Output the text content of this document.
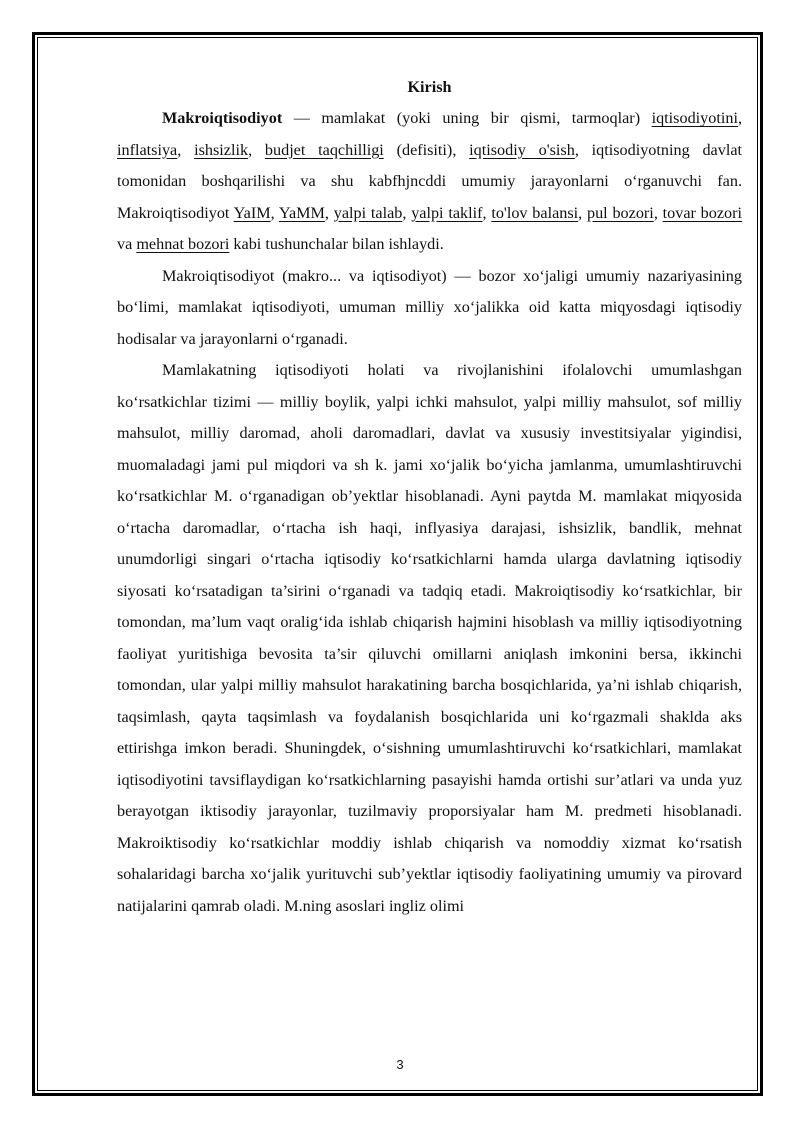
Kirish

Makroiqtisodiyot — mamlakat (yoki uning bir qismi, tarmoqlar) iqtisodiyotini, inflatsiya, ishsizlik, budjet taqchilligi (defisiti), iqtisodiy o'sish, iqtisodiyotning davlat tomonidan boshqarilishi va shu kabfhjncddi umumiy jarayonlarni o‘rganuvchi fan. Makroiqtisodiyot YaIM, YaMM, yalpi talab, yalpi taklif, to'lov balansi, pul bozori, tovar bozori va mehnat bozori kabi tushunchalar bilan ishlaydi.

Makroiqtisodiyot (makro... va iqtisodiyot) — bozor xo‘jaligi umumiy nazariyasining bo‘limi, mamlakat iqtisodiyoti, umuman milliy xo‘jalikka oid katta miqyosdagi iqtisodiy hodisalar va jarayonlarni o‘rganadi.

Mamlakatning iqtisodiyoti holati va rivojlanishini ifolalovchi umumlashgan ko‘rsatkichlar tizimi — milliy boylik, yalpi ichki mahsulot, yalpi milliy mahsulot, sof milliy mahsulot, milliy daromad, aholi daromadlari, davlat va xususiy investitsiyalar yigindisi, muomaladagi jami pul miqdori va sh k. jami xo‘jalik bo‘yicha jamlanma, umumlashtiruvchi ko‘rsatkichlar M. o‘rganadigan ob’yektlar hisoblanadi. Ayni paytda M. mamlakat miqyosida o‘rtacha daromadlar, o‘rtacha ish haqi, inflyasiya darajasi, ishsizlik, bandlik, mehnat unumdorligi singari o‘rtacha iqtisodiy ko‘rsatkichlarni hamda ularga davlatning iqtisodiy siyosati ko‘rsatadigan ta’sirini o‘rganadi va tadqiq etadi. Makroiqtisodiy ko‘rsatkichlar, bir tomondan, ma’lum vaqt oralig‘ida ishlab chiqarish hajmini hisoblash va milliy iqtisodiyotning faoliyat yuritishiga bevosita ta’sir qiluvchi omillarni aniqlash imkonini bersa, ikkinchi tomondan, ular yalpi milliy mahsulot harakatining barcha bosqichlarida, ya’ni ishlab chiqarish, taqsimlash, qayta taqsimlash va foydalanish bosqichlarida uni ko‘rgazmali shaklda aks ettirishga imkon beradi. Shuningdek, o‘sishning umumlashtiruvchi ko‘rsatkichlari, mamlakat iqtisodiyotini tavsiflaydigan ko‘rsatkichlarning pasayishi hamda ortishi sur’atlari va unda yuz berayotgan iktisodiy jarayonlar, tuzilmaviy proporsiyalar ham M. predmeti hisoblanadi. Makroiktisodiy ko‘rsatkichlar moddiy ishlab chiqarish va nomoddiy xizmat ko‘rsatish sohalaridagi barcha xo‘jalik yurituvchi sub’yektlar iqtisodiy faoliyatining umumiy va pirovard natijalarini qamrab oladi. M.ning asoslari ingliz olimi

3
